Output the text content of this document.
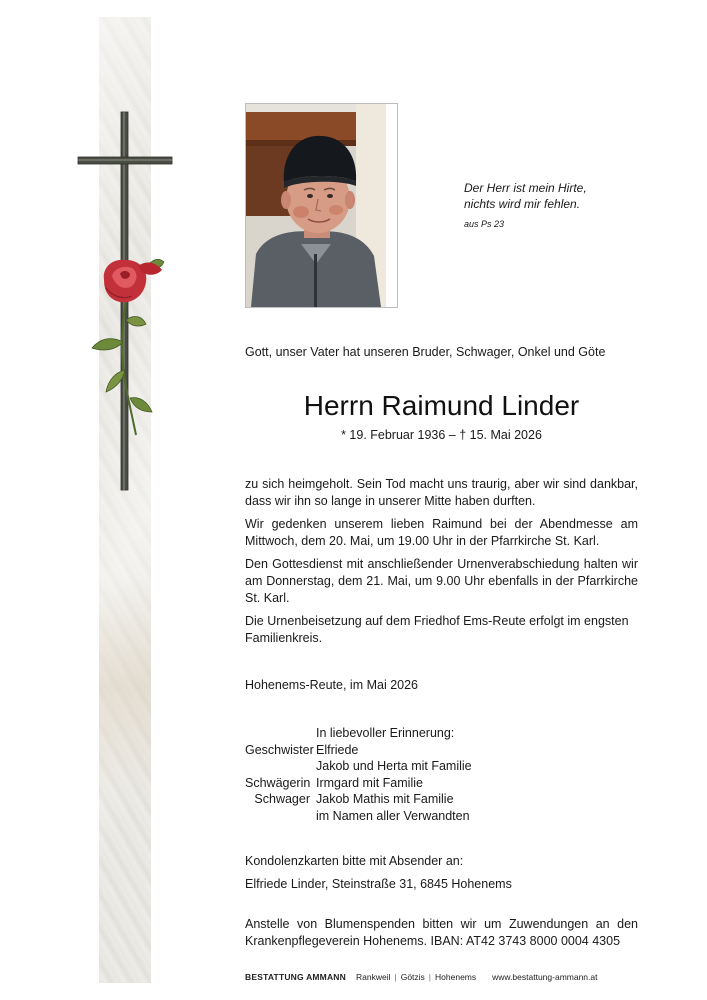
Der Herr ist mein Hirte,
nichts wird mir fehlen.
aus Ps 23
Gott, unser Vater hat unseren Bruder, Schwager, Onkel und Göte
Herrn Raimund Linder
* 19. Februar 1936 – † 15. Mai 2026

zu sich heimgeholt. Sein Tod macht uns traurig, aber wir sind dankbar, dass wir ihn so lange in unserer Mitte haben durften.

Wir gedenken unserem lieben Raimund bei der Abendmesse am Mittwoch, dem 20. Mai, um 19.00 Uhr in der Pfarrkirche St. Karl.

Den Gottesdienst mit anschließender Urnenverabschiedung halten wir am Donnerstag, dem 21. Mai, um 9.00 Uhr ebenfalls in der Pfarrkirche St. Karl.

Die Urnenbeisetzung auf dem Friedhof Ems-Reute erfolgt im engsten Familienkreis.

Hohenems-Reute, im Mai 2026
In liebevoller Erinnerung:
Geschwister Elfriede
Jakob und Herta mit Familie
Schwägerin Irmgard mit Familie
Schwager Jakob Mathis mit Familie
im Namen aller Verwandten
Kondolenzkarten bitte mit Absender an:
Elfriede Linder, Steinstraße 31, 6845 Hohenems
Anstelle von Blumenspenden bitten wir um Zuwendungen an den Krankenpflegeverein Hohenems. IBAN: AT42 3743 8000 0004 4305
BESTATTUNG AMMANN Rankweil | Götzis | Hohenems www.bestattung-ammann.at
